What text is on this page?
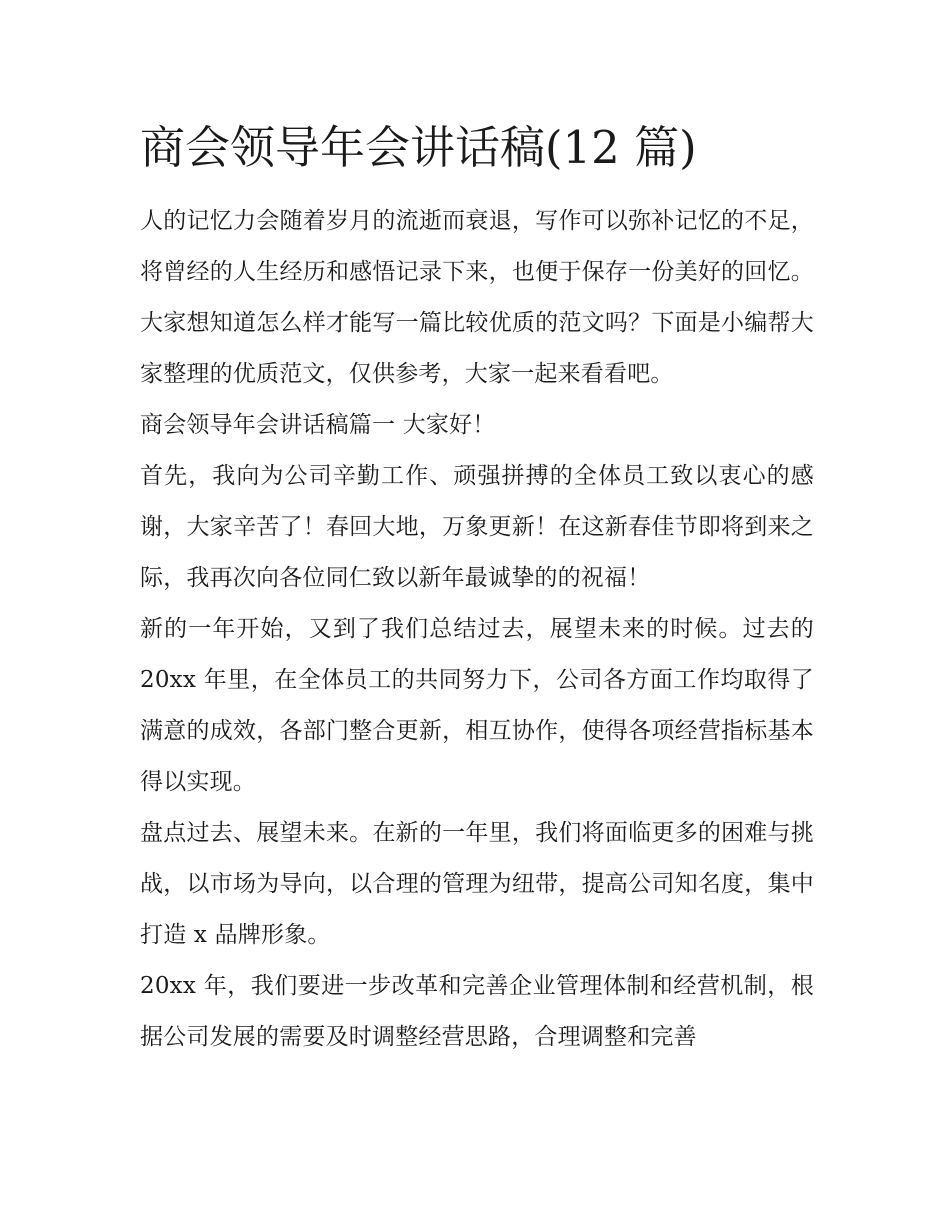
商会领导年会讲话稿(12 篇)

人的记忆力会随着岁月的流逝而衰退，写作可以弥补记忆的不足，将曾经的人生经历和感悟记录下来，也便于保存一份美好的回忆。大家想知道怎么样才能写一篇比较优质的范文吗？下面是小编帮大家整理的优质范文，仅供参考，大家一起来看看吧。

商会领导年会讲话稿篇一 大家好！

首先，我向为公司辛勤工作、顽强拼搏的全体员工致以衷心的感谢，大家辛苦了！春回大地，万象更新！在这新春佳节即将到来之际，我再次向各位同仁致以新年最诚挚的的祝福！

新的一年开始，又到了我们总结过去，展望未来的时候。过去的 20xx 年里，在全体员工的共同努力下，公司各方面工作均取得了满意的成效，各部门整合更新，相互协作，使得各项经营指标基本得以实现。

盘点过去、展望未来。在新的一年里，我们将面临更多的困难与挑战，以市场为导向，以合理的管理为纽带，提高公司知名度，集中打造 x 品牌形象。

20xx 年，我们要进一步改革和完善企业管理体制和经营机制，根据公司发展的需要及时调整经营思路，合理调整和完善
